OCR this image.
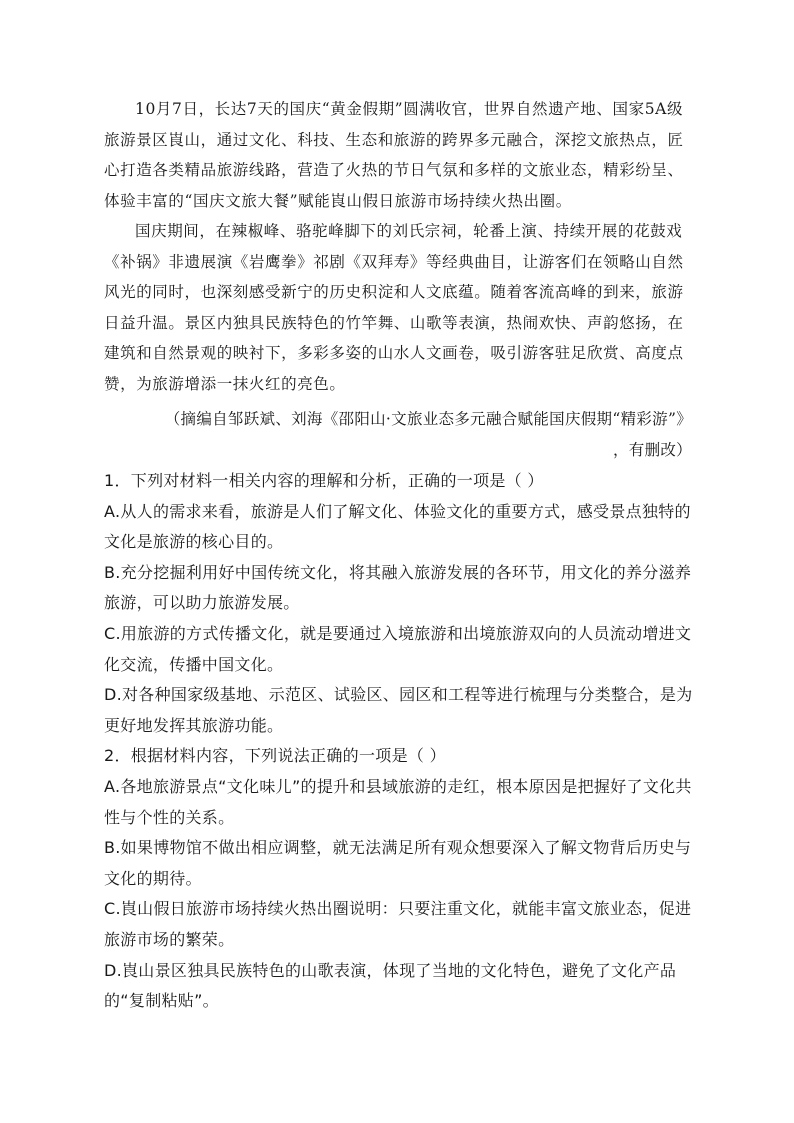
10月7日，长达7天的国庆“黄金假期”圆满收官，世界自然遗产地、国家5A级旅游景区崀山，通过文化、科技、生态和旅游的跨界多元融合，深挖文旅热点，匠心打造各类精品旅游线路，营造了火热的节日气氛和多样的文旅业态，精彩纷呈、体验丰富的“国庆文旅大餐”赋能崀山假日旅游市场持续火热出圈。

国庆期间，在辣椒峰、骆驼峰脚下的刘氏宗祠，轮番上演、持续开展的花鼓戏《补锅》非遗展演《岩鹰拳》祁剧《双拜寿》等经典曲目，让游客们在领略山自然风光的同时，也深刻感受新宁的历史积淀和人文底蕴。随着客流高峰的到来，旅游日益升温。景区内独具民族特色的竹竿舞、山歌等表演，热闹欢快、声韵悠扬，在建筑和自然景观的映衬下，多彩多姿的山水人文画卷，吸引游客驻足欣赏、高度点赞，为旅游增添一抹火红的亮色。

（摘编自邹跃斌、刘海《邵阳山·文旅业态多元融合赋能国庆假期“精彩游”》
，有删改）
1．下列对材料一相关内容的理解和分析，正确的一项是（ ）
A.从人的需求来看，旅游是人们了解文化、体验文化的重要方式，感受景点独特的文化是旅游的核心目的。
B.充分挖掘利用好中国传统文化，将其融入旅游发展的各环节，用文化的养分滋养旅游，可以助力旅游发展。
C.用旅游的方式传播文化，就是要通过入境旅游和出境旅游双向的人员流动增进文化交流，传播中国文化。
D.对各种国家级基地、示范区、试验区、园区和工程等进行梳理与分类整合，是为更好地发挥其旅游功能。
2．根据材料内容，下列说法正确的一项是（ ）
A.各地旅游景点“文化味儿”的提升和县域旅游的走红，根本原因是把握好了文化共性与个性的关系。
B.如果博物馆不做出相应调整，就无法满足所有观众想要深入了解文物背后历史与文化的期待。
C.崀山假日旅游市场持续火热出圈说明：只要注重文化，就能丰富文旅业态，促进旅游市场的繁荣。
D.崀山景区独具民族特色的山歌表演，体现了当地的文化特色，避免了文化产品的“复制粘贴”。
